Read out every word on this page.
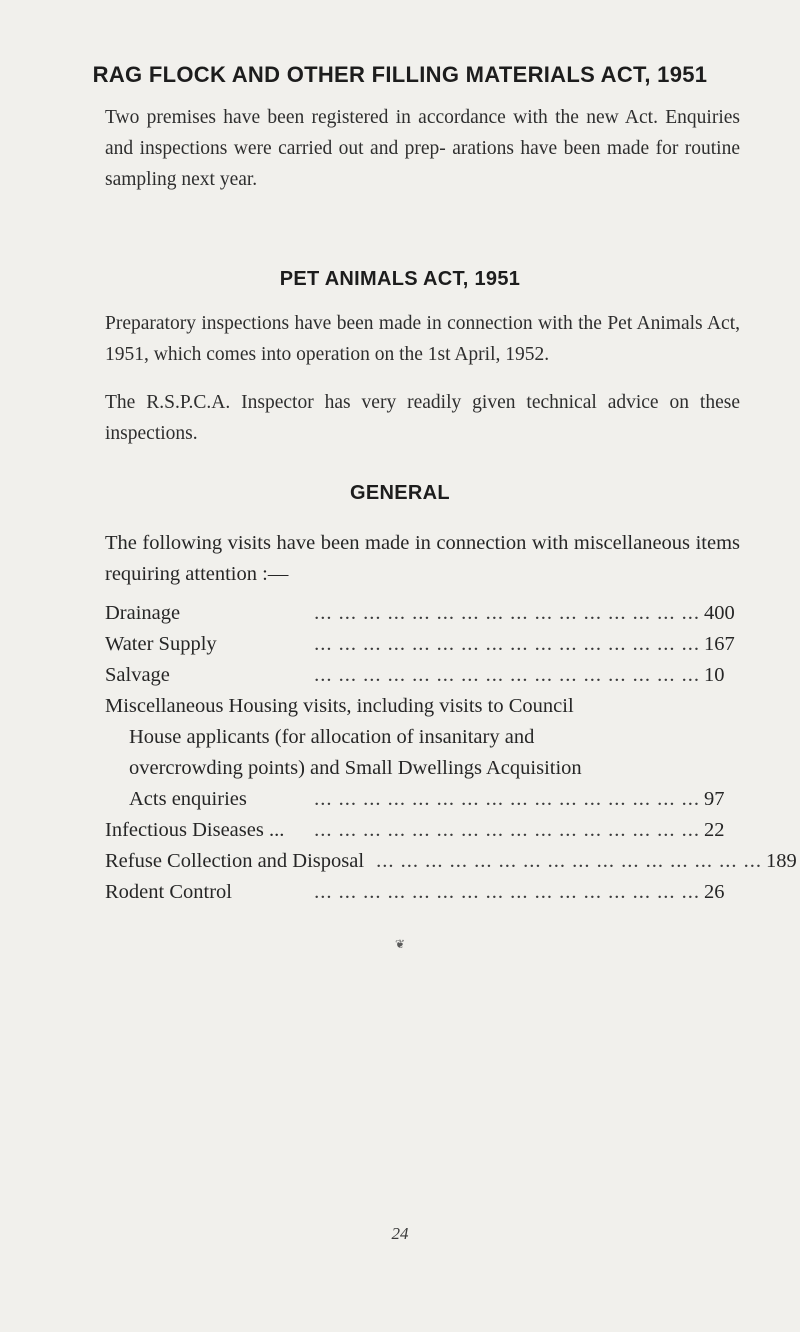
RAG FLOCK AND OTHER FILLING MATERIALS ACT, 1951
Two premises have been registered in accordance with the new Act. Enquiries and inspections were carried out and prep- arations have been made for routine sampling next year.
PET ANIMALS ACT, 1951
Preparatory inspections have been made in connection with the Pet Animals Act, 1951, which comes into operation on the 1st April, 1952.
The R.S.P.C.A. Inspector has very readily given technical advice on these inspections.
GENERAL
The following visits have been made in connection with miscellaneous items requiring attention :—
Drainage	... ... ... ... ... ... ... ... ... ... ... ... ... ... ... ... 400
Water Supply	... ... ... ... ... ... ... ... ... ... ... ... ... ... ... ... 167
Salvage	... ... ... ... ... ... ... ... ... ... ... ... ... ... ... ... 10
Miscellaneous Housing visits, including visits to Council
House applicants (for allocation of insanitary and
overcrowding points) and Small Dwellings Acquisition
Acts enquiries	... ... ... ... ... ... ... ... ... ... ... ... ... ... ... ... 97
Infectious Diseases ...	... ... ... ... ... ... ... ... ... ... ... ... ... ... ... ... 22
Refuse Collection and Disposal ... ... ... ... ... ... ... ... ... ... ... ... ... ... ... ... 189
Rodent Control	... ... ... ... ... ... ... ... ... ... ... ... ... ... ... ... 26
❦
24
